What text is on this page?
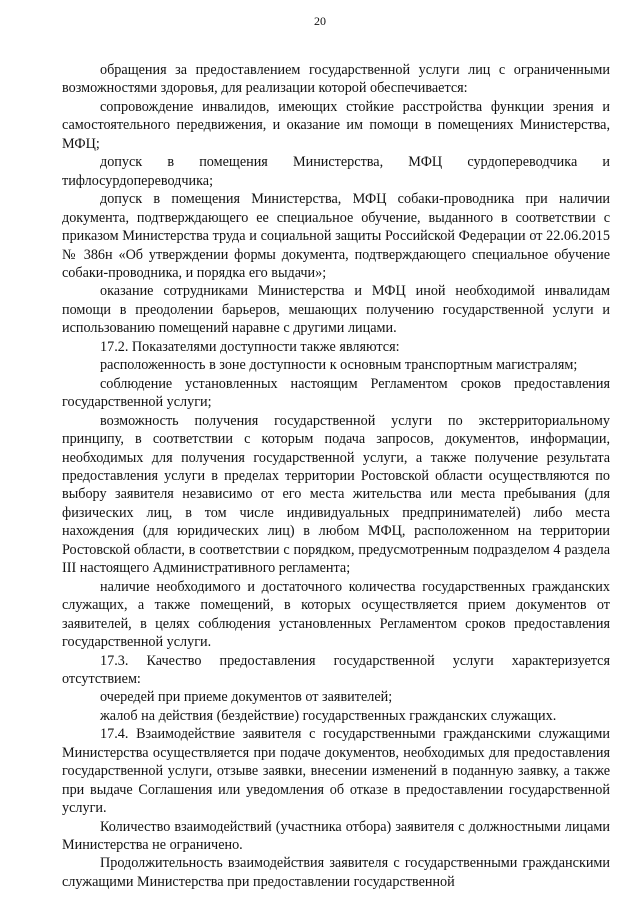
20

обращения за предоставлением государственной услуги лиц с ограниченными возможностями здоровья, для реализации которой обеспечивается:

сопровождение инвалидов, имеющих стойкие расстройства функции зрения и самостоятельного передвижения, и оказание им помощи в помещениях Министерства, МФЦ;

допуск в помещения Министерства, МФЦ сурдопереводчика и тифлосурдопереводчика;

допуск в помещения Министерства, МФЦ собаки-проводника при наличии документа, подтверждающего ее специальное обучение, выданного в соответствии с приказом Министерства труда и социальной защиты Российской Федерации от 22.06.2015 № 386н «Об утверждении формы документа, подтверждающего специальное обучение собаки-проводника, и порядка его выдачи»;

оказание сотрудниками Министерства и МФЦ иной необходимой инвалидам помощи в преодолении барьеров, мешающих получению государственной услуги и использованию помещений наравне с другими лицами.

17.2. Показателями доступности также являются:

расположенность в зоне доступности к основным транспортным магистралям;

соблюдение установленных настоящим Регламентом сроков предоставления государственной услуги;

возможность получения государственной услуги по экстерриториальному принципу, в соответствии с которым подача запросов, документов, информации, необходимых для получения государственной услуги, а также получение результата предоставления услуги в пределах территории Ростовской области осуществляются по выбору заявителя независимо от его места жительства или места пребывания (для физических лиц, в том числе индивидуальных предпринимателей) либо места нахождения (для юридических лиц) в любом МФЦ, расположенном на территории Ростовской области, в соответствии с порядком, предусмотренным подразделом 4 раздела III настоящего Административного регламента;

наличие необходимого и достаточного количества государственных гражданских служащих, а также помещений, в которых осуществляется прием документов от заявителей, в целях соблюдения установленных Регламентом сроков предоставления государственной услуги.

17.3. Качество предоставления государственной услуги характеризуется отсутствием:

очередей при приеме документов от заявителей;

жалоб на действия (бездействие) государственных гражданских служащих.

17.4. Взаимодействие заявителя с государственными гражданскими служащими Министерства осуществляется при подаче документов, необходимых для предоставления государственной услуги, отзыве заявки, внесении изменений в поданную заявку, а также при выдаче Соглашения или уведомления об отказе в предоставлении государственной услуги.

Количество взаимодействий (участника отбора) заявителя с должностными лицами Министерства не ограничено.

Продолжительность взаимодействия заявителя с государственными гражданскими служащими Министерства при предоставлении государственной
